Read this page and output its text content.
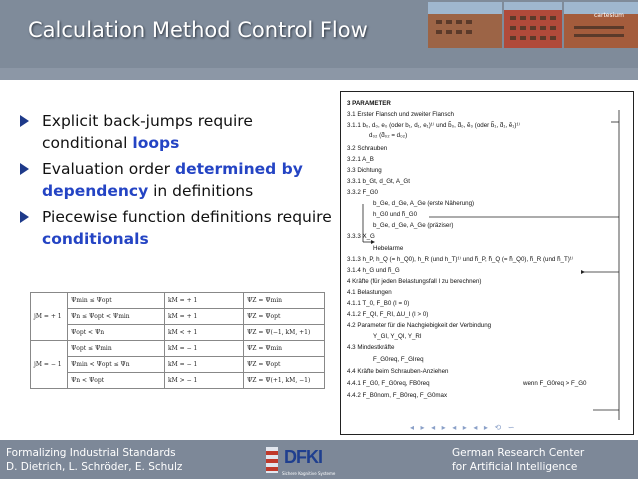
Calculation Method Control Flow
cartesium
Explicit back-jumps require conditional loops
Evaluation order determined by dependency in definitions
Piecewise function definitions require conditionals
jM = + 1	Ψmin ≤ Ψopt	kM = + 1	ΨZ = Ψmin
	Ψn ≤ Ψopt < Ψmin	kM = + 1	ΨZ = Ψopt
	Ψopt < Ψn	kM < + 1	ΨZ = Ψ(−1, kM, +1)
jM = − 1	Ψopt ≤ Ψmin	kM = − 1	ΨZ = Ψmin
	Ψmin < Ψopt ≤ Ψn	kM = − 1	ΨZ = Ψopt
	Ψn < Ψopt	kM > − 1	ΨZ = Ψ(+1, kM, −1)
3 PARAMETER
3.1 Erster Flansch und zweiter Flansch
3.1.1 b₀, d₀, e₀ (oder b₁, d₁, e₁)¹⁾ und b̃₀, d̃₀, ẽ₀ (oder b̃₁, d̃₁, ẽ₁)¹⁾
d₀₂ (d̃₀₂ = d₀₂)
3.2 Schrauben
3.2.1 A_B
3.3 Dichtung
3.3.1 b_Gt, d_Gt, A_Gt
3.3.2 F_G0
b_Ge, d_Ge, A_Ge (erste Näherung)
h_G0 und h̃_G0
b_Ge, d_Ge, A_Ge (präziser)
3.3.3 X_G
Hebelarme
3.1.3 h_P, h_Q (= h_Q0), h_R (und h_T)¹⁾ und h̃_P, h̃_Q (= h̃_Q0), h̃_R (und h̃_T)¹⁾
3.1.4 h_G und h̃_G
4 Kräfte (für jeden Belastungsfall I zu berechnen)
4.1 Belastungen
4.1.1 T_0, F_B0 (I = 0)
4.1.2 F_QI, F_RI, ΔU_I (I > 0)
4.2 Parameter für die Nachgiebigkeit der Verbindung
Y_GI, Y_QI, Y_RI
4.3 Mindestkräfte
F_G0req, F_GIreq
4.4 Kräfte beim Schrauben-Anziehen
4.4.1 F_G0, F_G0req, FB0req	wenn F_G0req > F_G0
4.4.2 F_B0nom, F_B0req, F_G0max
◂ ▸ ◂ ▸ ◂ ▸ ◂ ▸ ⟲ ∽
Formalizing Industrial Standards
D. Dietrich, L. Schröder, E. Schulz
German Research Center
for Artificial Intelligence
DFKI
Sichere Kognitive Systeme
